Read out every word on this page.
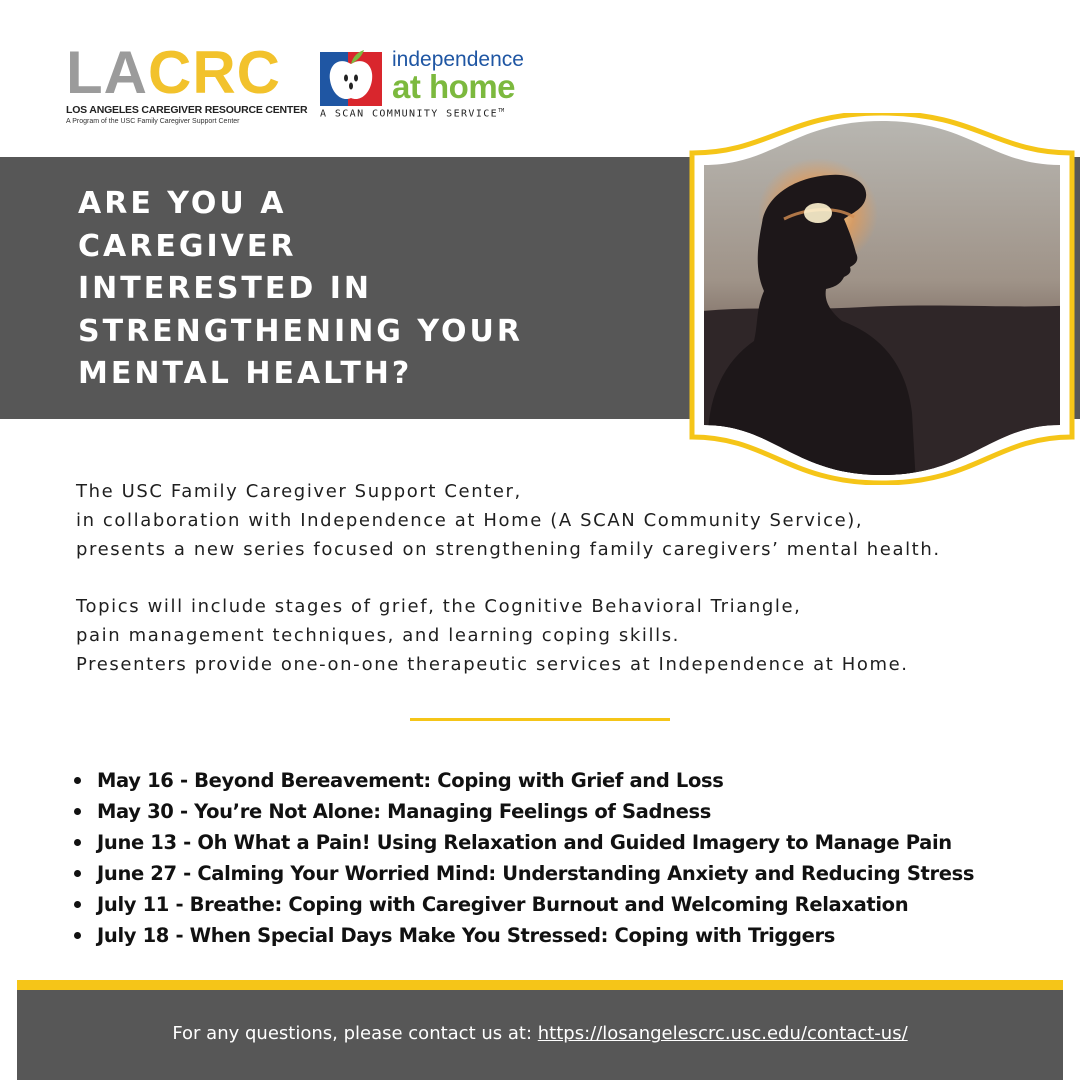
LACRC
LOS ANGELES CAREGIVER RESOURCE CENTER
A Program of the USC Family Caregiver Support Center
independence
at home
A SCAN COMMUNITY SERVICE™
ARE YOU A
CAREGIVER
INTERESTED IN
STRENGTHENING YOUR
MENTAL HEALTH?
The USC Family Caregiver Support Center,
in collaboration with Independence at Home (A SCAN Community Service),
presents a new series focused on strengthening family caregivers’ mental health.
Topics will include stages of grief, the Cognitive Behavioral Triangle,
pain management techniques, and learning coping skills.
Presenters provide one-on-one therapeutic services at Independence at Home.
May 16 - Beyond Bereavement: Coping with Grief and Loss
May 30 - You’re Not Alone: Managing Feelings of Sadness
June 13 - Oh What a Pain! Using Relaxation and Guided Imagery to Manage Pain
June 27 - Calming Your Worried Mind: Understanding Anxiety and Reducing Stress
July 11 - Breathe: Coping with Caregiver Burnout and Welcoming Relaxation
July 18 - When Special Days Make You Stressed: Coping with Triggers
For any questions, please contact us at: https://losangelescrc.usc.edu/contact-us/
